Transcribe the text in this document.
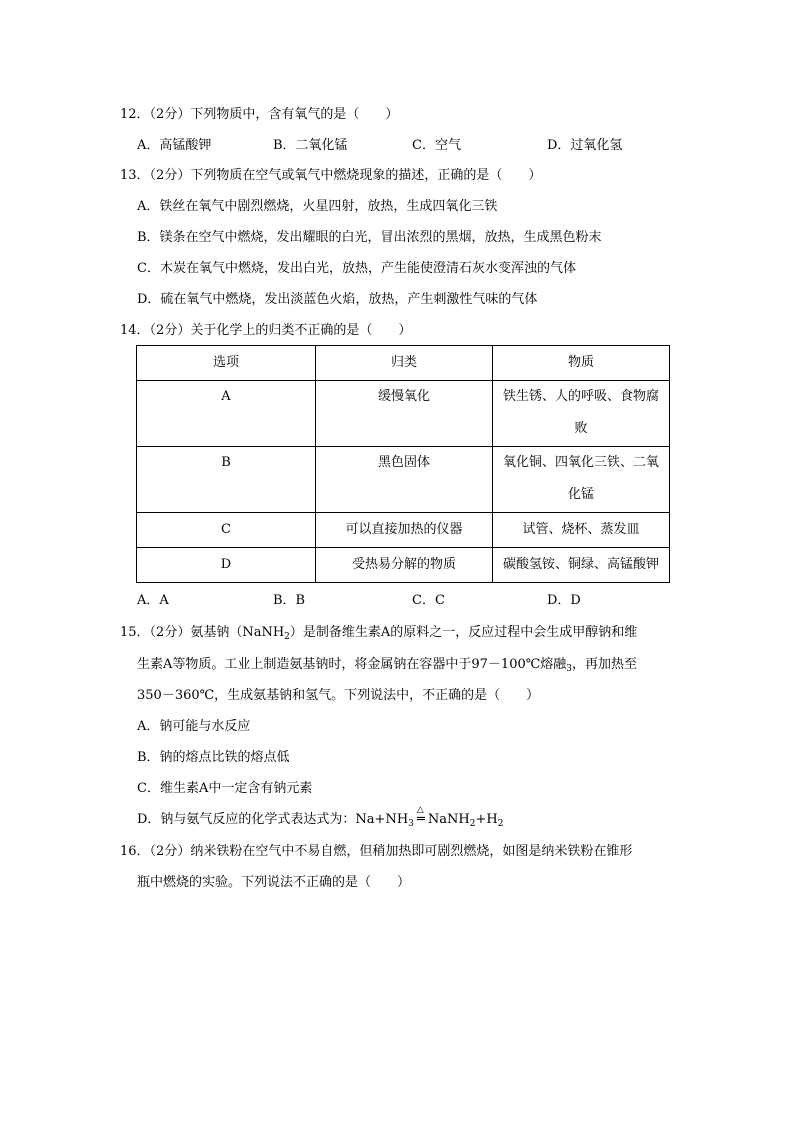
12．（2分）下列物质中，含有氧气的是（　　）
A．高锰酸钾	B．二氧化锰	C．空气	D．过氧化氢
13．（2分）下列物质在空气或氧气中燃烧现象的描述，正确的是（　　）
A．铁丝在氧气中剧烈燃烧，火星四射，放热，生成四氧化三铁
B．镁条在空气中燃烧，发出耀眼的白光，冒出浓烈的黑烟，放热，生成黑色粉末
C．木炭在氧气中燃烧，发出白光，放热，产生能使澄清石灰水变浑浊的气体
D．硫在氧气中燃烧，发出淡蓝色火焰，放热，产生刺激性气味的气体
14．（2分）关于化学上的归类不正确的是（　　）
选项	归类	物质
A	缓慢氧化	铁生锈、人的呼吸、食物腐败

B	黑色固体	氧化铜、四氧化三铁、二氧化锰

C	可以直接加热的仪器	试管、烧杯、蒸发皿
D	受热易分解的物质	碳酸氢铵、铜绿、高锰酸钾
A．A	B．B	C．C	D．D
15．（2分）氨基钠（NaNH$_2$）是制备维生素A的原料之一，反应过程中会生成甲醇钠和维
生素A等物质。工业上制造氨基钠时，将金属钠在容器中于97－100℃熔融$_3$，再加热至
350－360℃，生成氨基钠和氢气。下列说法中，不正确的是（　　）
A．钠可能与水反应
B．钠的熔点比铁的熔点低
C．维生素A中一定含有钠元素
D．钠与氨气反应的化学式表达式为：$Na+NH_3$
△
═ $NaNH_2+H_2$
16．（2分）纳米铁粉在空气中不易自燃，但稍加热即可剧烈燃烧，如图是纳米铁粉在锥形
瓶中燃烧的实验。下列说法不正确的是（　　）
